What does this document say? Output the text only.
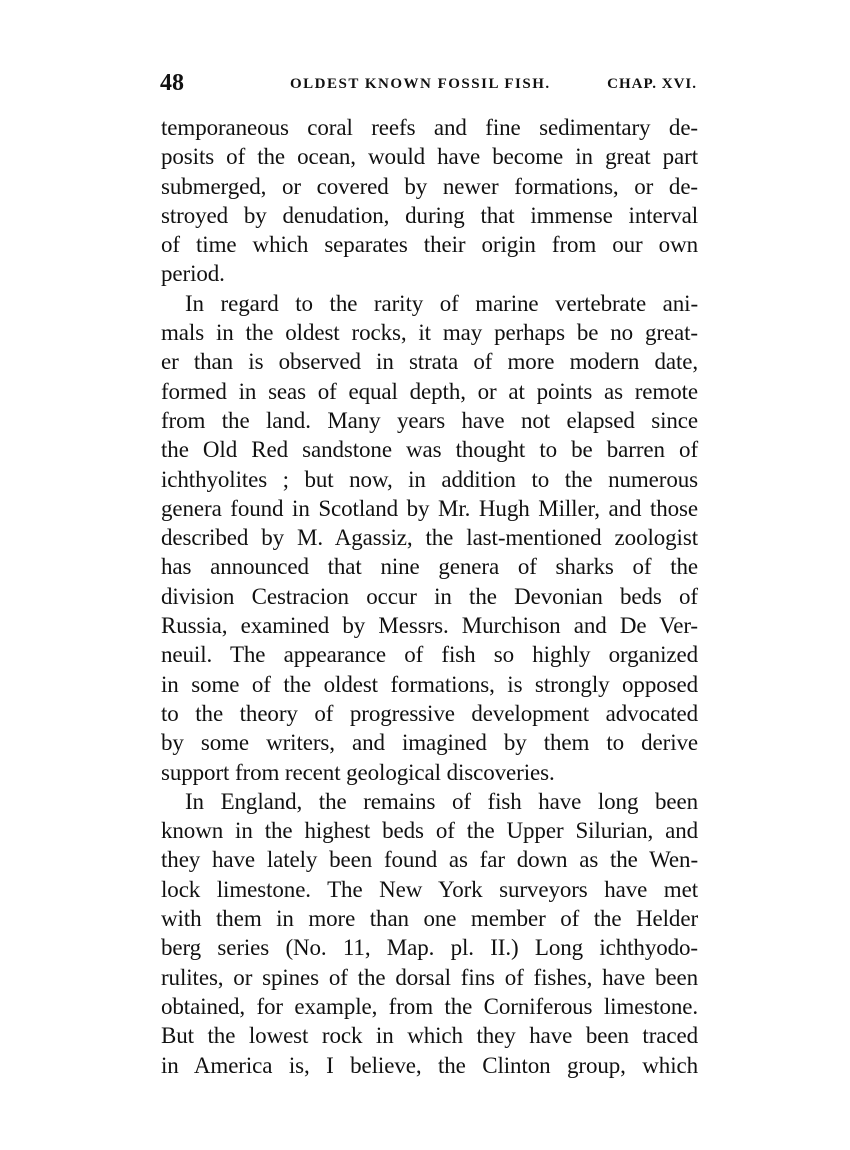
48	OLDEST KNOWN FOSSIL FISH.	CHAP. XVI.
temporaneous coral reefs and fine sedimentary de-
posits of the ocean, would have become in great part
submerged, or covered by newer formations, or de-
stroyed by denudation, during that immense interval
of time which separates their origin from our own
period.
In regard to the rarity of marine vertebrate ani-
mals in the oldest rocks, it may perhaps be no great-
er than is observed in strata of more modern date,
formed in seas of equal depth, or at points as remote
from the land. Many years have not elapsed since
the Old Red sandstone was thought to be barren of
ichthyolites ; but now, in addition to the numerous
genera found in Scotland by Mr. Hugh Miller, and those
described by M. Agassiz, the last-mentioned zoologist
has announced that nine genera of sharks of the
division Cestracion occur in the Devonian beds of
Russia, examined by Messrs. Murchison and De Ver-
neuil. The appearance of fish so highly organized
in some of the oldest formations, is strongly opposed
to the theory of progressive development advocated
by some writers, and imagined by them to derive
support from recent geological discoveries.
In England, the remains of fish have long been
known in the highest beds of the Upper Silurian, and
they have lately been found as far down as the Wen-
lock limestone. The New York surveyors have met
with them in more than one member of the Helder
berg series (No. 11, Map. pl. II.) Long ichthyodo-
rulites, or spines of the dorsal fins of fishes, have been
obtained, for example, from the Corniferous limestone.
But the lowest rock in which they have been traced
in America is, I believe, the Clinton group, which
